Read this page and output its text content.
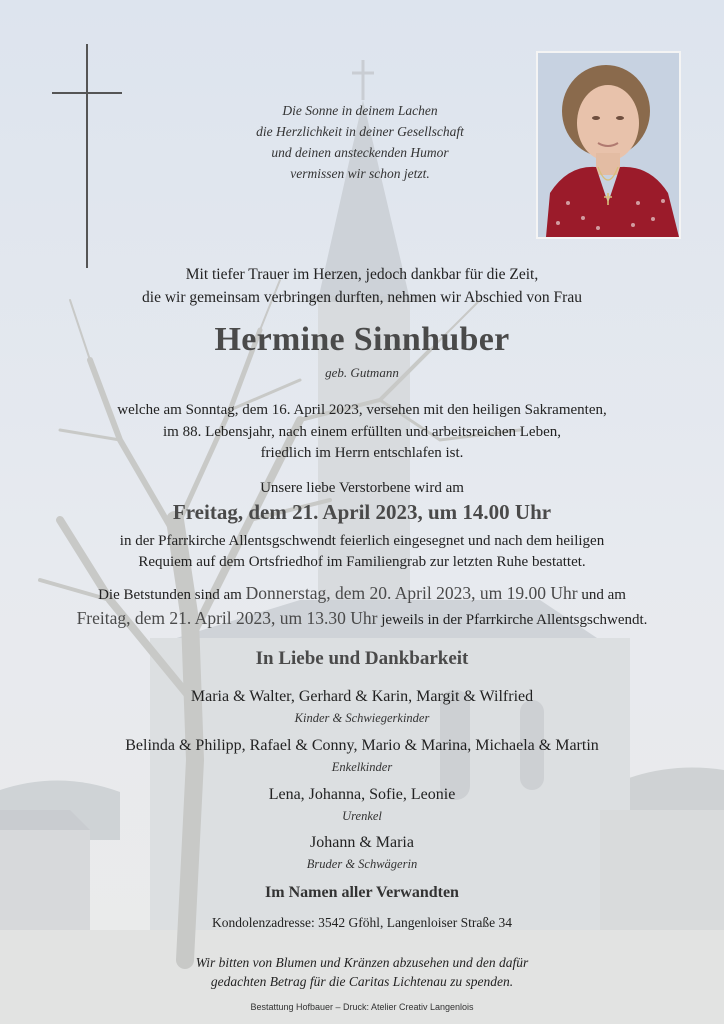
Die Sonne in deinem Lachen
die Herzlichkeit in deiner Gesellschaft
und deinen ansteckenden Humor
vermissen wir schon jetzt.
Mit tiefer Trauer im Herzen, jedoch dankbar für die Zeit,
die wir gemeinsam verbringen durften, nehmen wir Abschied von Frau
Hermine Sinnhuber
geb. Gutmann
welche am Sonntag, dem 16. April 2023, versehen mit den heiligen Sakramenten,
im 88. Lebensjahr, nach einem erfüllten und arbeitsreichen Leben,
friedlich im Herrn entschlafen ist.
Unsere liebe Verstorbene wird am
Freitag, dem 21. April 2023, um 14.00 Uhr
in der Pfarrkirche Allentsgschwendt feierlich eingesegnet und nach dem heiligen
Requiem auf dem Ortsfriedhof im Familiengrab zur letzten Ruhe bestattet.
Die Betstunden sind am Donnerstag, dem 20. April 2023, um 19.00 Uhr und am
Freitag, dem 21. April 2023, um 13.30 Uhr jeweils in der Pfarrkirche Allentsgschwendt.
In Liebe und Dankbarkeit
Maria & Walter, Gerhard & Karin, Margit & Wilfried
Kinder & Schwiegerkinder
Belinda & Philipp, Rafael & Conny, Mario & Marina, Michaela & Martin
Enkelkinder
Lena, Johanna, Sofie, Leonie
Urenkel
Johann & Maria
Bruder & Schwägerin
Im Namen aller Verwandten
Kondolenzadresse: 3542 Gföhl, Langenloiser Straße 34
Wir bitten von Blumen und Kränzen abzusehen und den dafür
gedachten Betrag für die Caritas Lichtenau zu spenden.
Bestattung Hofbauer – Druck: Atelier Creativ Langenlois
